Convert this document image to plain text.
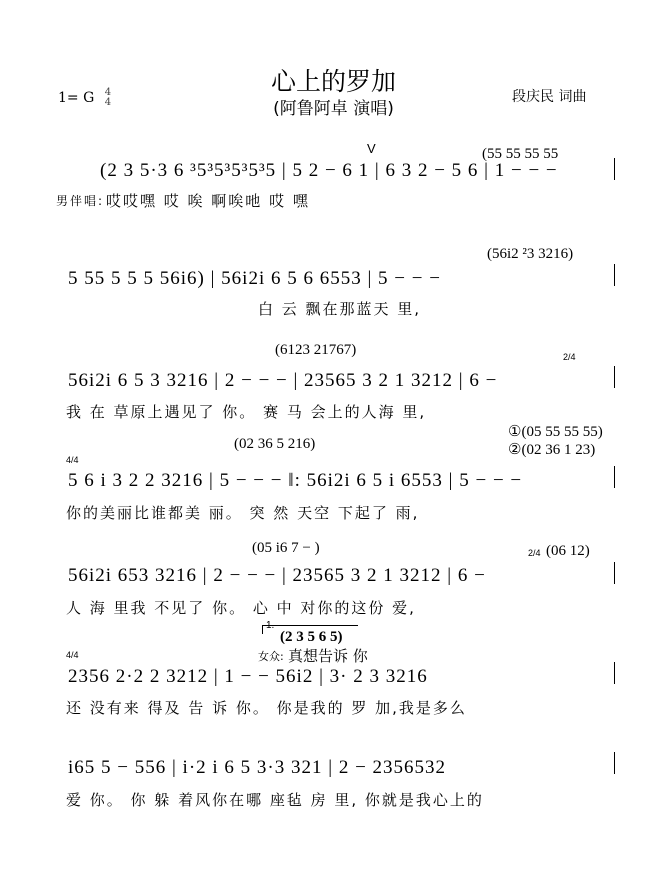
心上的罗加
(阿鲁阿卓 演唱)
1= G 4
4	段庆民 词曲
V	(55 55 55 55
(2 3 5·3 6 ³5³5³5³5³5 | 5 2 − 6 1 | 6 3 2 − 5 6 | 1 − − −
男伴唱: 哎哎嘿 哎 唉 啊唉吔 哎 嘿
(56i2 ²3 3216)
5 55 5 5 5 56i6) | 56i2i 6 5 6 6553 | 5 − − −
白 云 飘在那蓝天 里,
(6123 21767)	2/4
56i2i 6 5 3 3216 | 2 − − − | 23565 3 2 1 3212 | 6 −
我 在 草原上遇见了 你。 赛 马 会上的人海 里,
①(05 55 55 55)
②(02 36 1 23)
(02 36 5 216)
4/4
5 6 i 3 2 2 3216 | 5 − − − ‖: 56i2i 6 5 i 6553 | 5 − − −
你的美丽比谁都美 丽。 突 然 天空 下起了 雨,
(05 i6 7 − )	2/4 (06 12)
56i2i 653 3216 | 2 − − − | 23565 3 2 1 3212 | 6 −
人 海 里我 不见了 你。 心 中 对你的这份 爱,
1.
(2 3 5 6 5)
女众: 真想告诉 你
4/4
2356 2·2 2 3212 | 1 − − 56i2 | 3· 2 3 3216
还 没有来 得及 告 诉 你。 你是我的 罗 加,我是多么
i65 5 − 556 | i·2 i 6 5 3·3 321 | 2 − 2356532
爱 你。 你 躲 着风你在哪 座毡 房 里, 你就是我心上的
